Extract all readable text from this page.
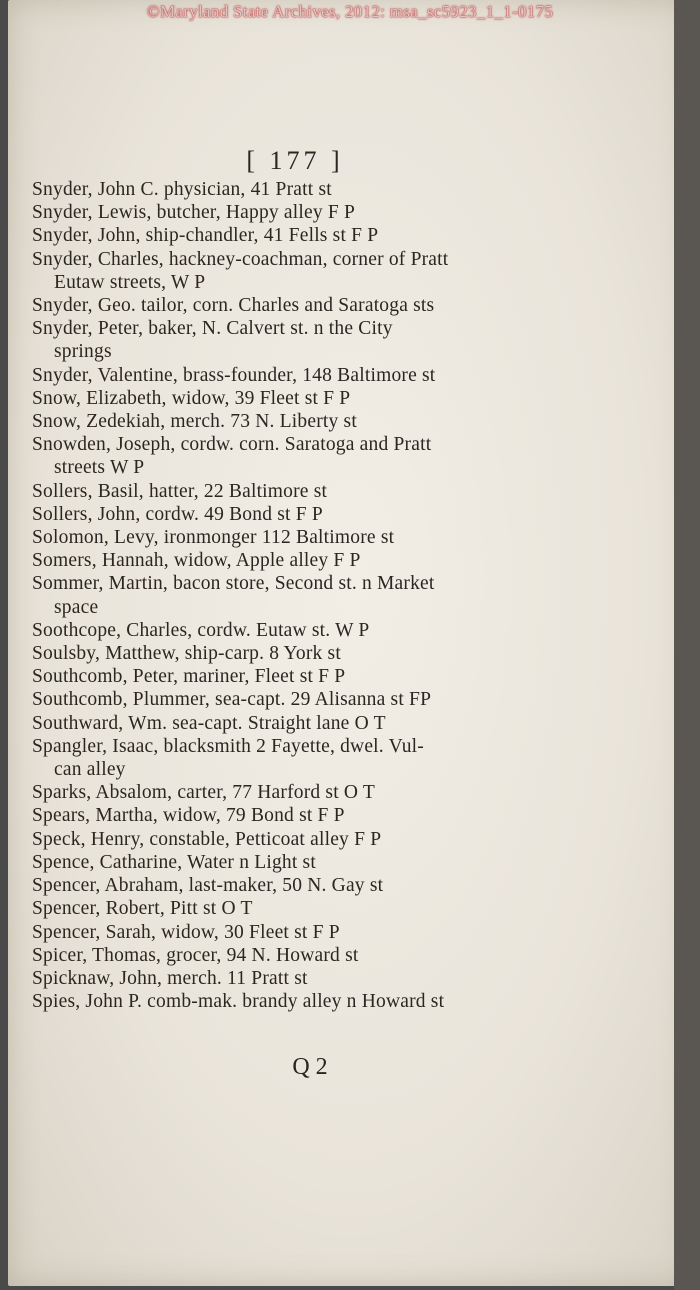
©Maryland State Archives, 2012: msa_sc5923_1_1-0175
[ 177 ]
Snyder, John C. physician, 41 Pratt st
Snyder, Lewis, butcher, Happy alley F P
Snyder, John, ship-chandler, 41 Fells st F P
Snyder, Charles, hackney-coachman, corner of Pratt
Eutaw streets, W P
Snyder, Geo. tailor, corn. Charles and Saratoga sts
Snyder, Peter, baker, N. Calvert st. n the City
springs
Snyder, Valentine, brass-founder, 148 Baltimore st
Snow, Elizabeth, widow, 39 Fleet st F P
Snow, Zedekiah, merch. 73 N. Liberty st
Snowden, Joseph, cordw. corn. Saratoga and Pratt
streets W P
Sollers, Basil, hatter, 22 Baltimore st
Sollers, John, cordw. 49 Bond st F P
Solomon, Levy, ironmonger 112 Baltimore st
Somers, Hannah, widow, Apple alley F P
Sommer, Martin, bacon store, Second st. n Market
space
Soothcope, Charles, cordw. Eutaw st. W P
Soulsby, Matthew, ship-carp. 8 York st
Southcomb, Peter, mariner, Fleet st F P
Southcomb, Plummer, sea-capt. 29 Alisanna st FP
Southward, Wm. sea-capt. Straight lane O T
Spangler, Isaac, blacksmith 2 Fayette, dwel. Vul-
can alley
Sparks, Absalom, carter, 77 Harford st O T
Spears, Martha, widow, 79 Bond st F P
Speck, Henry, constable, Petticoat alley F P
Spence, Catharine, Water n Light st
Spencer, Abraham, last-maker, 50 N. Gay st
Spencer, Robert, Pitt st O T
Spencer, Sarah, widow, 30 Fleet st F P
Spicer, Thomas, grocer, 94 N. Howard st
Spicknaw, John, merch. 11 Pratt st
Spies, John P. comb-mak. brandy alley n Howard st
Q 2
